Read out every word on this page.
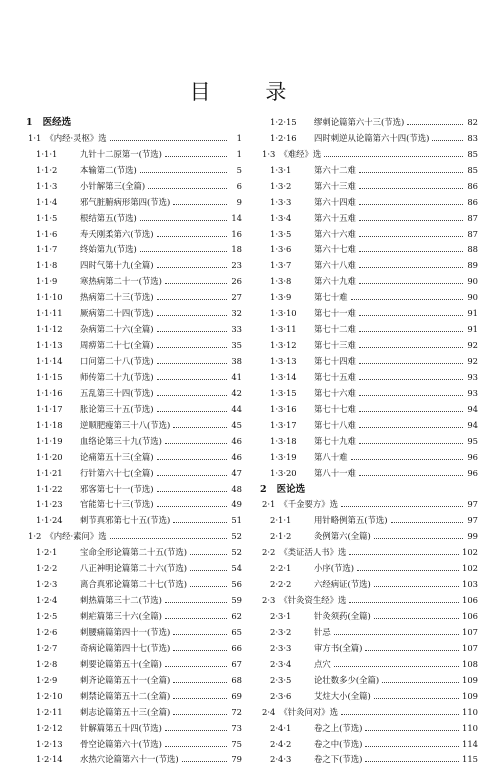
目 录
1 医经选
1·1 《内经·灵枢》选	1
1·1·1	九针十二原第一(节选)	1
1·1·2	本输第二(节选)	5
1·1·3	小针解第三(全篇)	6
1·1·4	邪气脏腑病形第四(节选)	9
1·1·5	根结第五(节选)	14
1·1·6	寿夭刚柔第六(节选)	16
1·1·7	终始第九(节选)	18
1·1·8	四时气第十九(全篇)	23
1·1·9	寒热病第二十一(节选)	26
1·1·10	热病第二十三(节选)	27
1·1·11	厥病第二十四(节选)	32
1·1·12	杂病第二十六(全篇)	33
1·1·13	周痹第二十七(全篇)	35
1·1·14	口问第二十八(节选)	38
1·1·15	师传第二十九(节选)	41
1·1·16	五乱第三十四(节选)	42
1·1·17	胀论第三十五(节选)	44
1·1·18	逆顺肥瘦第三十八(节选)	45
1·1·19	血络论第三十九(节选)	46
1·1·20	论痛第五十三(全篇)	46
1·1·21	行针第六十七(全篇)	47
1·1·22	邪客第七十一(节选)	48
1·1·23	官能第七十三(节选)	49
1·1·24	刺节真邪第七十五(节选)	51
1·2 《内经·素问》选	52
1·2·1	宝命全形论篇第二十五(节选)	52
1·2·2	八正神明论篇第二十六(节选)	54
1·2·3	离合真邪论篇第二十七(节选)	56
1·2·4	刺热篇第三十二(节选)	59
1·2·5	刺疟篇第三十六(全篇)	62
1·2·6	刺腰痛篇第四十一(节选)	65
1·2·7	奇病论篇第四十七(节选)	66
1·2·8	刺要论篇第五十(全篇)	67
1·2·9	刺齐论篇第五十一(全篇)	68
1·2·10	刺禁论篇第五十二(全篇)	69
1·2·11	刺志论篇第五十三(全篇)	72
1·2·12	针解篇第五十四(节选)	73
1·2·13	骨空论篇第六十(节选)	75
1·2·14	水热穴论篇第六十一(节选)	79
1·2·15	缪刺论篇第六十三(节选)	82
1·2·16	四时刺逆从论篇第六十四(节选)	83
1·3 《难经》选	85
1·3·1	第六十二难	85
1·3·2	第六十三难	86
1·3·3	第六十四难	86
1·3·4	第六十五难	87
1·3·5	第六十六难	87
1·3·6	第六十七难	88
1·3·7	第六十八难	89
1·3·8	第六十九难	90
1·3·9	第七十难	90
1·3·10	第七十一难	91
1·3·11	第七十二难	91
1·3·12	第七十三难	92
1·3·13	第七十四难	92
1·3·14	第七十五难	93
1·3·15	第七十六难	93
1·3·16	第七十七难	94
1·3·17	第七十八难	94
1·3·18	第七十九难	95
1·3·19	第八十难	96
1·3·20	第八十一难	96
2 医论选
2·1 《千金要方》选	97
2·1·1	用针略例第五(节选)	97
2·1·2	灸例第六(全篇)	99
2·2 《类证活人书》选	102
2·2·1	小序(节选)	102
2·2·2	六经病证(节选)	103
2·3 《针灸资生经》选	106
2·3·1	针灸须药(全篇)	106
2·3·2	针忌	107
2·3·3	审方书(全篇)	107
2·3·4	点穴	108
2·3·5	论壮数多少(全篇)	109
2·3·6	艾炷大小(全篇)	109
2·4 《针灸问对》选	110
2·4·1	卷之上(节选)	110
2·4·2	卷之中(节选)	114
2·4·3	卷之下(节选)	115
